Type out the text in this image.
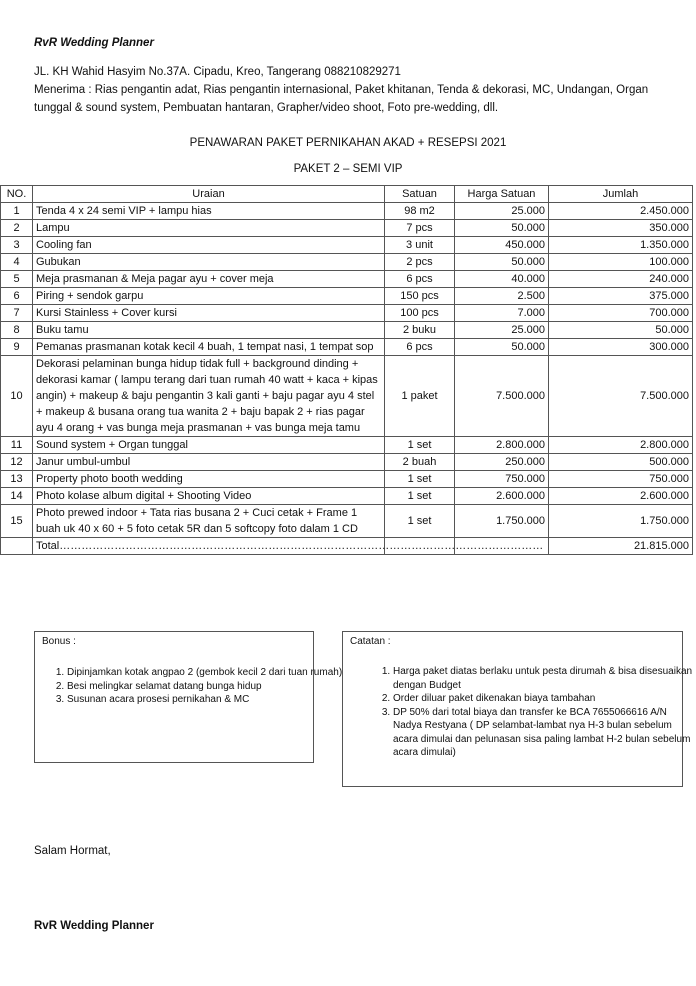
RvR Wedding Planner
JL. KH Wahid Hasyim No.37A. Cipadu, Kreo, Tangerang 088210829271
Menerima : Rias pengantin adat, Rias pengantin internasional, Paket khitanan, Tenda & dekorasi, MC, Undangan, Organ tunggal & sound system, Pembuatan hantaran, Grapher/video shoot, Foto pre-wedding, dll.
PENAWARAN PAKET PERNIKAHAN AKAD + RESEPSI 2021
PAKET 2 – SEMI VIP
NO.	Uraian	Satuan	Harga Satuan	Jumlah
1	Tenda 4 x 24 semi VIP + lampu hias	98 m2	25.000	2.450.000
2	Lampu	7 pcs	50.000	350.000
3	Cooling fan	3 unit	450.000	1.350.000
4	Gubukan	2 pcs	50.000	100.000
5	Meja prasmanan & Meja pagar ayu + cover meja	6 pcs	40.000	240.000
6	Piring + sendok garpu	150 pcs	2.500	375.000
7	Kursi Stainless + Cover kursi	100 pcs	7.000	700.000
8	Buku tamu	2 buku	25.000	50.000
9	Pemanas prasmanan kotak kecil 4 buah, 1 tempat nasi, 1 tempat sop	6 pcs	50.000	300.000
10	Dekorasi pelaminan bunga hidup tidak full + background dinding + dekorasi kamar ( lampu terang dari tuan rumah 40 watt + kaca + kipas angin) + makeup & baju pengantin 3 kali ganti + baju pagar ayu 4 stel + makeup & busana orang tua wanita 2 + baju bapak 2 + rias pagar ayu 4 orang + vas bunga meja prasmanan + vas bunga meja tamu	1 paket	7.500.000	7.500.000
11	Sound system + Organ tunggal	1 set	2.800.000	2.800.000
12	Janur umbul-umbul	2 buah	250.000	500.000
13	Property photo booth wedding	1 set	750.000	750.000
14	Photo kolase album digital + Shooting Video	1 set	2.600.000	2.600.000
15	Photo prewed indoor + Tata rias busana 2 + Cuci cetak + Frame 1 buah uk 40 x 60 + 5 foto cetak 5R dan 5 softcopy foto dalam 1 CD	1 set	1.750.000	1.750.000
	Total……………………………………………………………………………………………………………………			21.815.000
Bonus :
1. Dipinjamkan kotak angpao 2 (gembok kecil 2 dari tuan rumah)
2. Besi melingkar selamat datang bunga hidup
3. Susunan acara prosesi pernikahan & MC
Catatan :
1. Harga paket diatas berlaku untuk pesta dirumah & bisa disesuaikan dengan Budget
2. Order diluar paket dikenakan biaya tambahan
3. DP 50% dari total biaya dan transfer ke BCA 7655066616 A/N Nadya Restyana ( DP selambat-lambat nya H-3 bulan sebelum acara dimulai dan pelunasan sisa paling lambat H-2 bulan sebelum acara dimulai)
Salam Hormat,
RvR Wedding Planner
